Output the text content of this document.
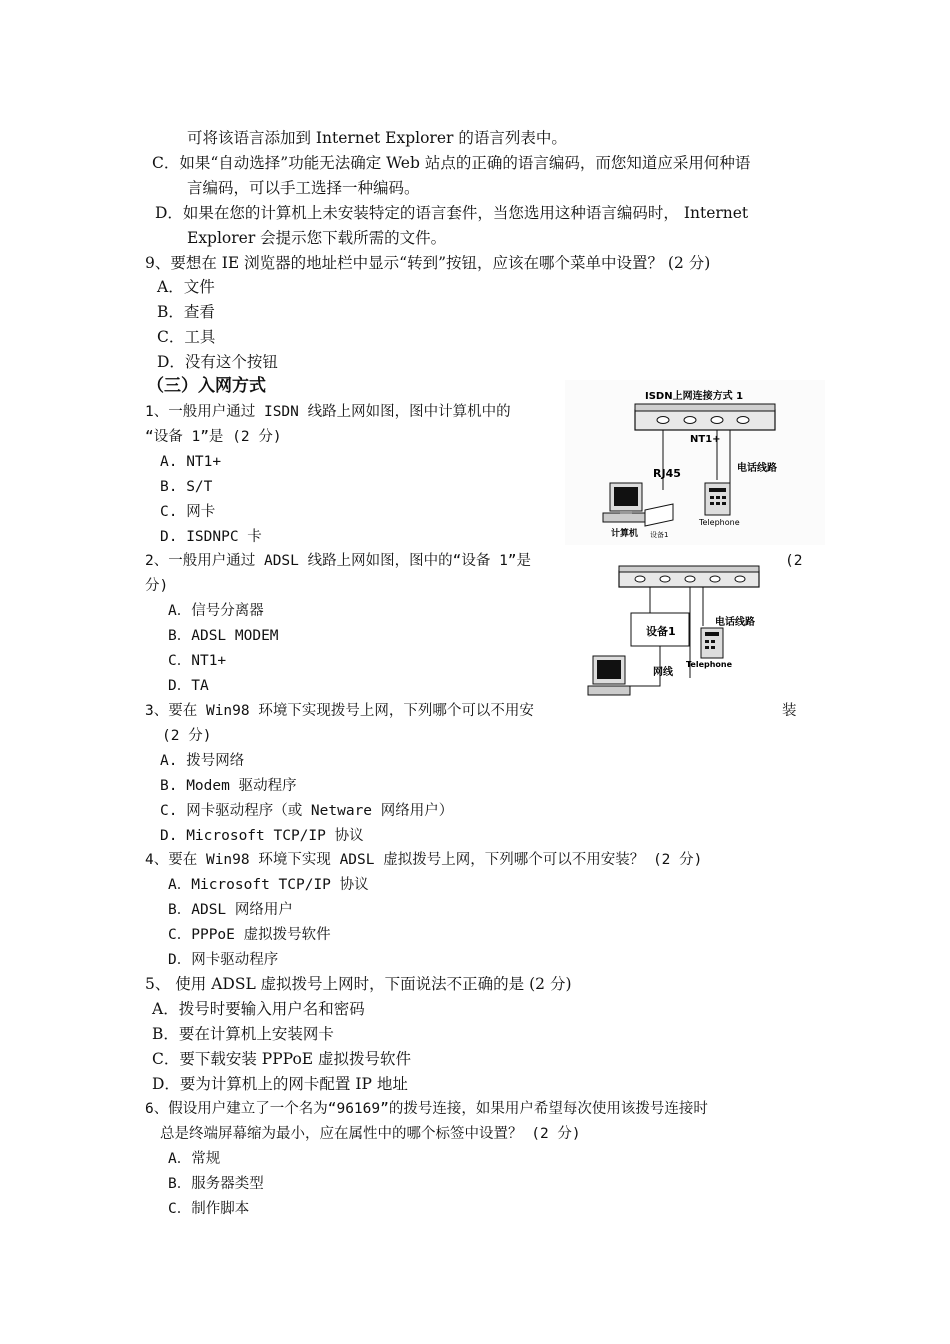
可将该语言添加到 Internet Explorer 的语言列表中。
C．如果“自动选择”功能无法确定 Web 站点的正确的语言编码，而您知道应采用何种语
言编码，可以手工选择一种编码。
D．如果在您的计算机上未安装特定的语言套件，当您选用这种语言编码时， Internet
Explorer 会提示您下载所需的文件。
9、要想在 IE 浏览器的地址栏中显示“转到”按钮，应该在哪个菜单中设置？ (2 分)
A．文件
B．查看
C．工具
D．没有这个按钮
（三）入网方式
1、一般用户通过 ISDN 线路上网如图，图中计算机中的
“设备 1”是 (2 分)
A. NT1+
B. S/T
C. 网卡
D. ISDNPC 卡
2、一般用户通过 ADSL 线路上网如图，图中的“设备 1”是	(2
分)
A．信号分离器
B．ADSL MODEM
C．NT1+
D．TA
3、要在 Win98 环境下实现拨号上网，下列哪个可以不用安	装
(2 分)
A. 拨号网络
B. Modem 驱动程序
C. 网卡驱动程序（或 Netware 网络用户）
D. Microsoft TCP/IP 协议
4、要在 Win98 环境下实现 ADSL 虚拟拨号上网，下列哪个可以不用安装？ (2 分)
A．Microsoft TCP/IP 协议
B．ADSL 网络用户
C．PPPoE 虚拟拨号软件
D．网卡驱动程序
5、 使用 ADSL 虚拟拨号上网时，下面说法不正确的是 (2 分)
A．拨号时要输入用户名和密码
B．要在计算机上安装网卡
C．要下载安装 PPPoE 虚拟拨号软件
D．要为计算机上的网卡配置 IP 地址
6、假设用户建立了一个名为“96169”的拨号连接，如果用户希望每次使用该拨号连接时
总是终端屏幕缩为最小，应在属性中的哪个标签中设置？ (2 分)
A．常规
B．服务器类型
C．制作脚本
ISDN上网连接方式 1
NT1+
RJ45	电话线路
Telephone
计算机 设备1
设备1
电话线路
Telephone
网线
